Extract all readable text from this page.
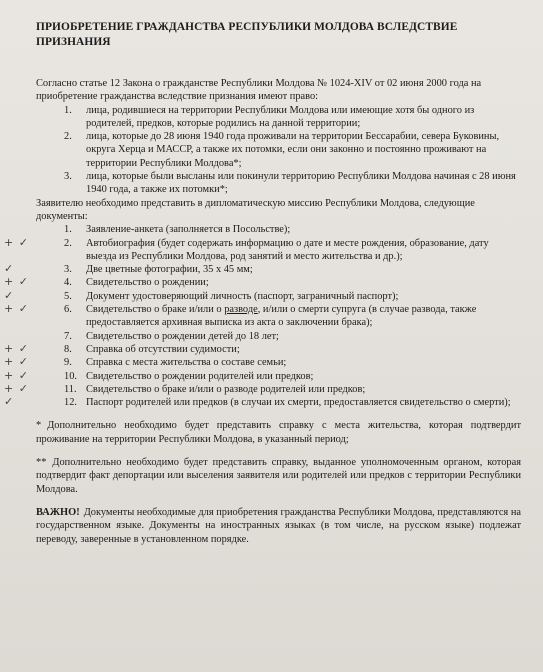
ПРИОБРЕТЕНИЕ ГРАЖДАНСТВА РЕСПУБЛИКИ МОЛДОВА ВСЛЕДСТВИЕ ПРИЗНАНИЯ

Согласно статье 12 Закона о гражданстве Республики Молдова № 1024-XIV от 02 июня 2000 года на приобретение гражданства вследствие признания имеют право:

1. лица, родившиеся на территории Республики Молдова или имеющие хотя бы одного из родителей, предков, которые родились на данной территории;
2. лица, которые до 28 июня 1940 года проживали на территории Бессарабии, севера Буковины, округа Херца и МАССР, а также их потомки, если они законно и постоянно проживают на территории Республики Молдова*;
3. лица, которые были высланы или покинули территорию Республики Молдова начиная с 28 июня 1940 года, а также их потомки*;

Заявителю необходимо представить в дипломатическую миссию Республики Молдова, следующие документы:

1. Заявление-анкета (заполняется в Посольстве);
+ ✓	2. Автобиография (будет содержать информацию о дате и месте рождения, образование, дату выезда из Республики Молдова, род занятий и место жительства и др.);
✓	3. Две цветные фотографии, 35 x 45 мм;
+ ✓	4. Свидетельство о рождении;
✓	5. Документ удостоверяющий личность (паспорт, заграничный паспорт);
+ ✓	6. Свидетельство о браке и/или о разводе, и/или о смерти супруга (в случае развода, также предоставляется архивная выписка из акта о заключении брака);
7. Свидетельство о рождении детей до 18 лет;
+ ✓	8. Справка об отсутствии судимости;
+ ✓	9. Справка с места жительства о составе семьи;
+ ✓	10. Свидетельство о рождении родителей или предков;
+ ✓	11. Свидетельство о браке и/или о разводе родителей или предков;
✓	12. Паспорт родителей или предков (в случаи их смерти, предоставляется свидетельство о смерти);

* Дополнительно необходимо будет представить справку с места жительства, которая подтвердит проживание на территории Республики Молдова, в указанный период;

** Дополнительно необходимо будет представить справку, выданное уполномоченным органом, которая подтвердит факт депортации или выселения заявителя или родителей или предков с территории Республики Молдова.

ВАЖНО! Документы необходимые для приобретения гражданства Республики Молдова, представляются на государственном языке. Документы на иностранных языках (в том числе, на русском языке) подлежат переводу, заверенные в установленном порядке.
